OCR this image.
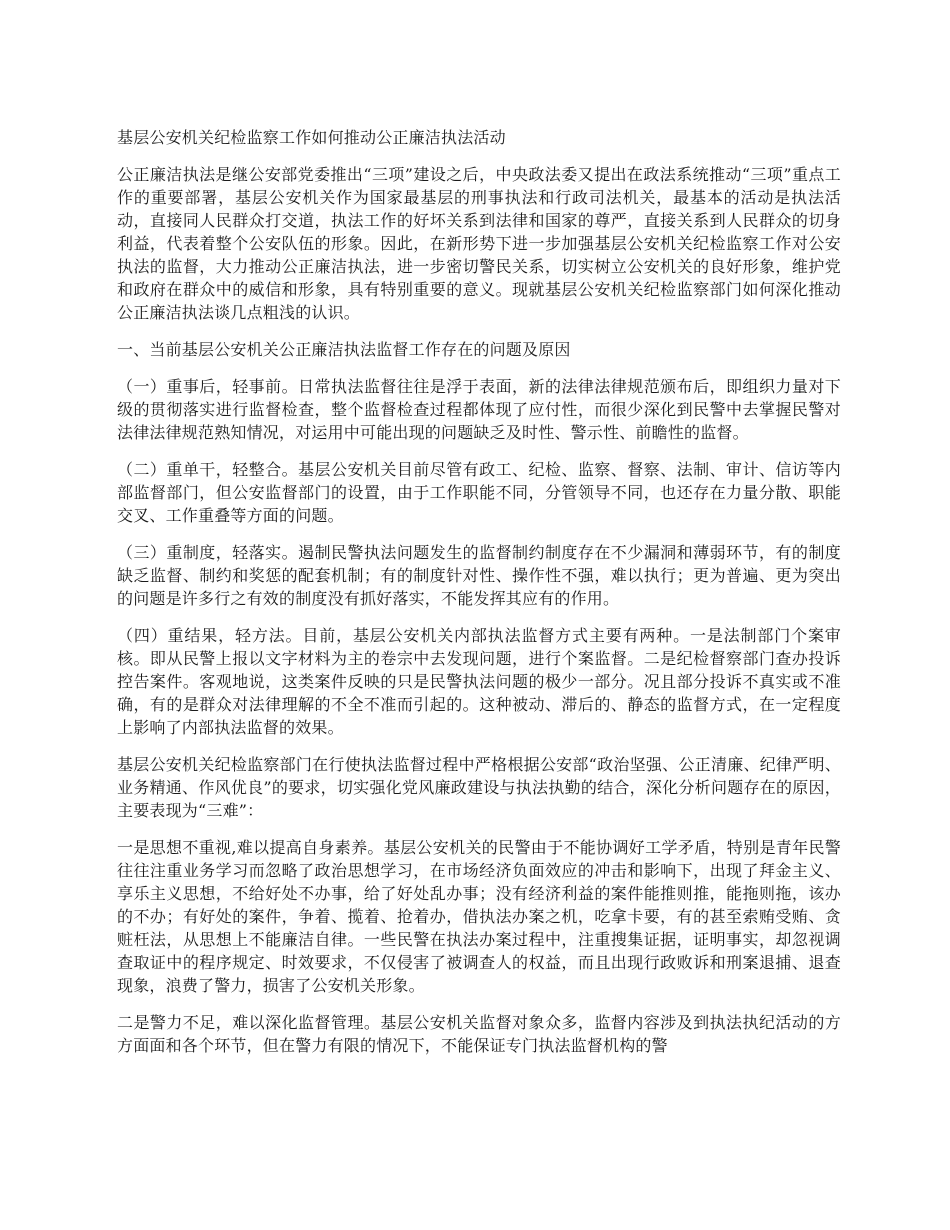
基层公安机关纪检监察工作如何推动公正廉洁执法活动

公正廉洁执法是继公安部党委推出“三项”建设之后，中央政法委又提出在政法系统推动“三项”重点工作的重要部署，基层公安机关作为国家最基层的刑事执法和行政司法机关，最基本的活动是执法活动，直接同人民群众打交道，执法工作的好坏关系到法律和国家的尊严，直接关系到人民群众的切身利益，代表着整个公安队伍的形象。因此，在新形势下进一步加强基层公安机关纪检监察工作对公安执法的监督，大力推动公正廉洁执法，进一步密切警民关系，切实树立公安机关的良好形象，维护党和政府在群众中的威信和形象，具有特别重要的意义。现就基层公安机关纪检监察部门如何深化推动公正廉洁执法谈几点粗浅的认识。

一、当前基层公安机关公正廉洁执法监督工作存在的问题及原因

（一）重事后，轻事前。日常执法监督往往是浮于表面，新的法律法律规范颁布后，即组织力量对下级的贯彻落实进行监督检查，整个监督检查过程都体现了应付性，而很少深化到民警中去掌握民警对法律法律规范熟知情况，对运用中可能出现的问题缺乏及时性、警示性、前瞻性的监督。

（二）重单干，轻整合。基层公安机关目前尽管有政工、纪检、监察、督察、法制、审计、信访等内部监督部门，但公安监督部门的设置，由于工作职能不同，分管领导不同，也还存在力量分散、职能交叉、工作重叠等方面的问题。

（三）重制度，轻落实。遏制民警执法问题发生的监督制约制度存在不少漏洞和薄弱环节，有的制度缺乏监督、制约和奖惩的配套机制；有的制度针对性、操作性不强，难以执行；更为普遍、更为突出的问题是许多行之有效的制度没有抓好落实，不能发挥其应有的作用。

（四）重结果，轻方法。目前，基层公安机关内部执法监督方式主要有两种。一是法制部门个案审核。即从民警上报以文字材料为主的卷宗中去发现问题，进行个案监督。二是纪检督察部门查办投诉控告案件。客观地说，这类案件反映的只是民警执法问题的极少一部分。况且部分投诉不真实或不准确，有的是群众对法律理解的不全不准而引起的。这种被动、滞后的、静态的监督方式，在一定程度上影响了内部执法监督的效果。

基层公安机关纪检监察部门在行使执法监督过程中严格根据公安部“政治坚强、公正清廉、纪律严明、业务精通、作风优良”的要求，切实强化党风廉政建设与执法执勤的结合，深化分析问题存在的原因，主要表现为“三难”：

一是思想不重视,难以提高自身素养。基层公安机关的民警由于不能协调好工学矛盾，特别是青年民警往往注重业务学习而忽略了政治思想学习，在市场经济负面效应的冲击和影响下，出现了拜金主义、享乐主义思想，不给好处不办事，给了好处乱办事；没有经济利益的案件能推则推，能拖则拖，该办的不办；有好处的案件，争着、揽着、抢着办，借执法办案之机，吃拿卡要，有的甚至索贿受贿、贪赃枉法，从思想上不能廉洁自律。一些民警在执法办案过程中，注重搜集证据，证明事实，却忽视调查取证中的程序规定、时效要求，不仅侵害了被调查人的权益，而且出现行政败诉和刑案退捕、退查现象，浪费了警力，损害了公安机关形象。

二是警力不足，难以深化监督管理。基层公安机关监督对象众多，监督内容涉及到执法执纪活动的方方面面和各个环节，但在警力有限的情况下，不能保证专门执法监督机构的警
